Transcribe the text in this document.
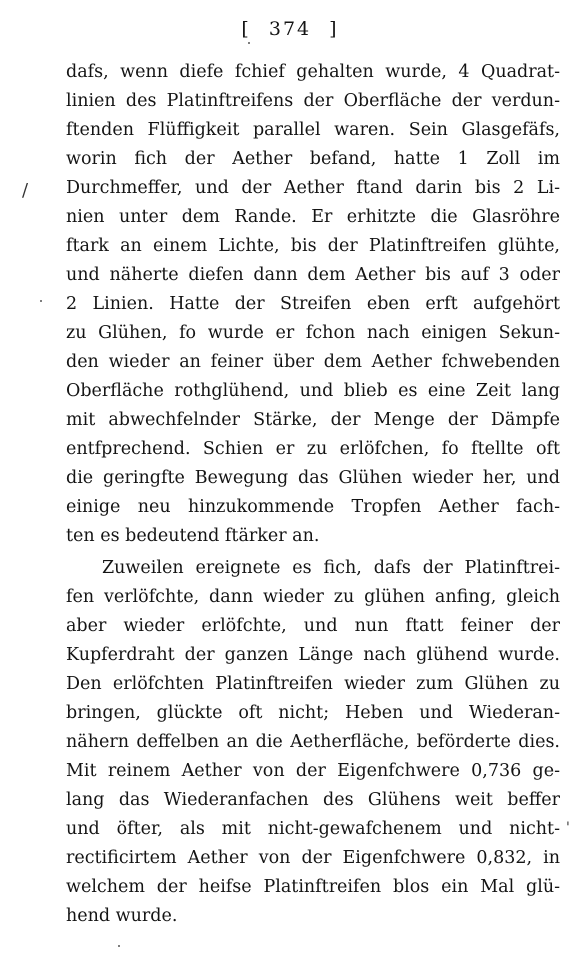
[ 374 ]
/
'
dafs, wenn diefe fchief gehalten wurde, 4 Quadrat-
linien des Platinftreifens der Oberfläche der verdun-
ftenden Flüffigkeit parallel waren. Sein Glasgefäfs,
worin fich der Aether befand, hatte 1 Zoll im
Durchmeffer, und der Aether ftand darin bis 2 Li-
nien unter dem Rande. Er erhitzte die Glasröhre
ftark an einem Lichte, bis der Platinftreifen glühte,
und näherte diefen dann dem Aether bis auf 3 oder
2 Linien. Hatte der Streifen eben erft aufgehört
zu Glühen, fo wurde er fchon nach einigen Sekun-
den wieder an feiner über dem Aether fchwebenden
Oberfläche rothglühend, und blieb es eine Zeit lang
mit abwechfelnder Stärke, der Menge der Dämpfe
entfprechend. Schien er zu erlöfchen, fo ftellte oft
die geringfte Bewegung das Glühen wieder her, und
einige neu hinzukommende Tropfen Aether fach-
ten es bedeutend ftärker an.
Zuweilen ereignete es fich, dafs der Platinftrei-
fen verlöfchte, dann wieder zu glühen anfing, gleich
aber wieder erlöfchte, und nun ftatt feiner der
Kupferdraht der ganzen Länge nach glühend wurde.
Den erlöfchten Platinftreifen wieder zum Glühen zu
bringen, glückte oft nicht; Heben und Wiederan-
nähern deffelben an die Aetherfläche, beförderte dies.
Mit reinem Aether von der Eigenfchwere 0,736 ge-
lang das Wiederanfachen des Glühens weit beffer
und öfter, als mit nicht-gewafchenem und nicht-
rectificirtem Aether von der Eigenfchwere 0,832, in
welchem der heifse Platinftreifen blos ein Mal glü-
hend wurde.
